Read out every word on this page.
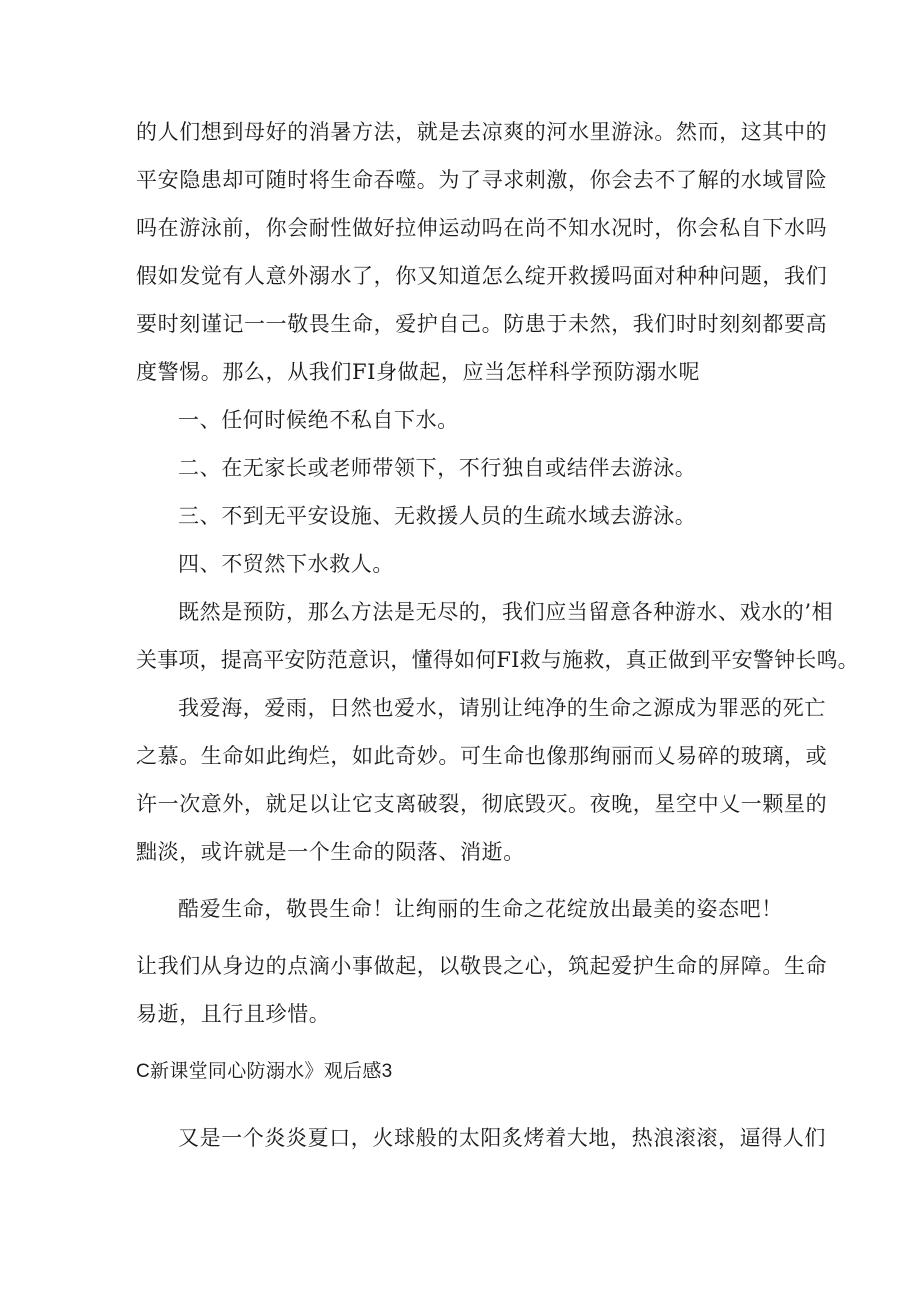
的人们想到母好的消暑方法，就是去凉爽的河水里游泳。然而，这其中的
平安隐患却可随时将生命吞噬。为了寻求刺激，你会去不了解的水域冒险
吗在游泳前，你会耐性做好拉伸运动吗在尚不知水况时，你会私自下水吗
假如发觉有人意外溺水了，你又知道怎么绽开救援吗面对种种问题，我们
要时刻谨记一一敬畏生命，爱护自己。防患于未然，我们时时刻刻都要高
度警惕。那么，从我们FI身做起，应当怎样科学预防溺水呢
一、任何时候绝不私自下水。
二、在无家长或老师带领下，不行独自或结伴去游泳。
三、不到无平安设施、无救援人员的生疏水域去游泳。
四、不贸然下水救人。
既然是预防，那么方法是无尽的，我们应当留意各种游水、戏水的’相
关事项，提高平安防范意识，懂得如何FI救与施救，真正做到平安警钟长鸣。
我爱海，爱雨，日然也爱水，请别让纯净的生命之源成为罪恶的死亡
之慕。生命如此绚烂，如此奇妙。可生命也像那绚丽而乂易碎的玻璃，或
许一次意外，就足以让它支离破裂，彻底毁灭。夜晚，星空中乂一颗星的
黜淡，或许就是一个生命的陨落、消逝。
酷爱生命，敬畏生命！让绚丽的生命之花绽放出最美的姿态吧！
让我们从身边的点滴小事做起，以敬畏之心，筑起爱护生命的屏障。生命
易逝，且行且珍惜。
C新课堂同心防溺水》观后感3
又是一个炎炎夏口，火球般的太阳炙烤着大地，热浪滚滚，逼得人们
